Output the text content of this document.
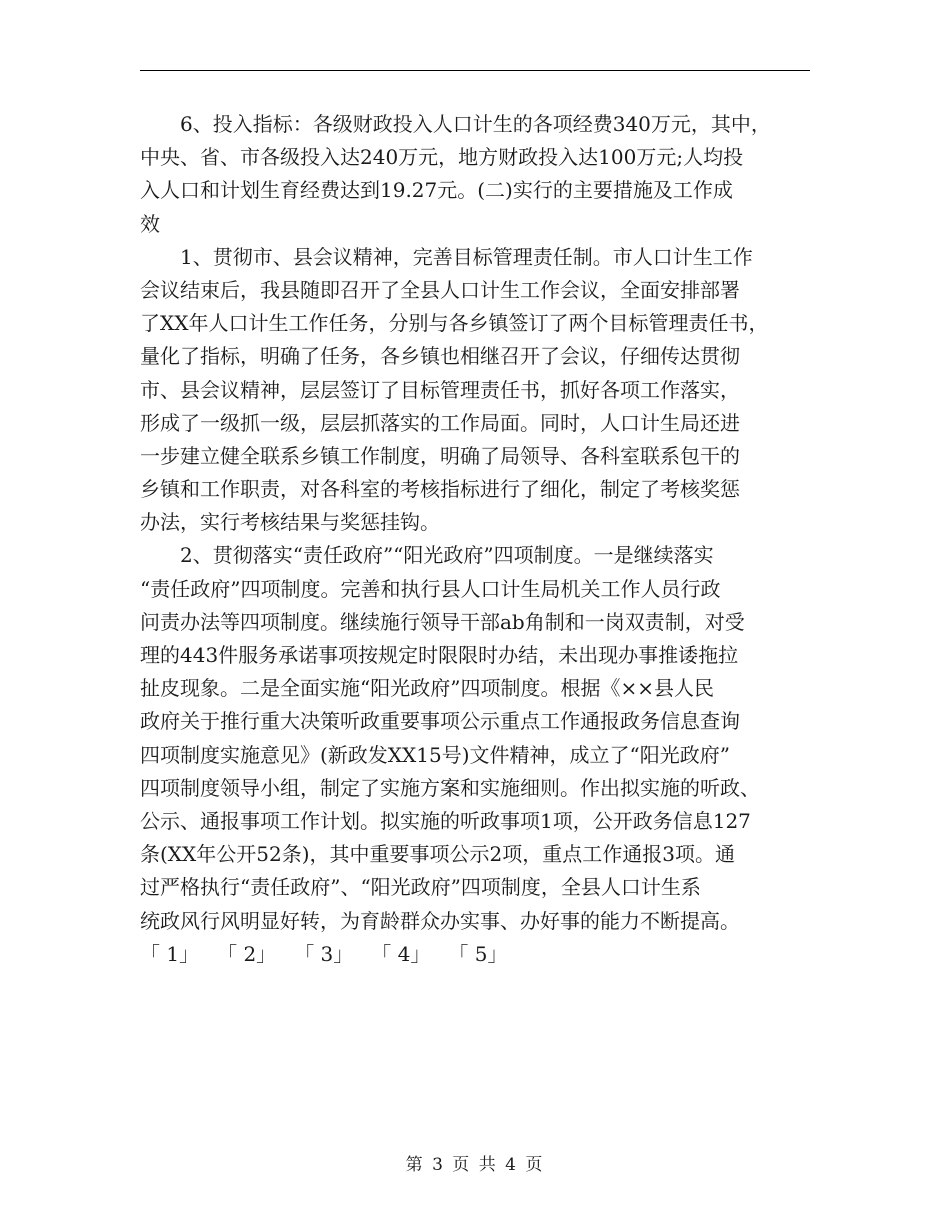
6、投入指标：各级财政投入人口计生的各项经费340万元，其中，
中央、省、市各级投入达240万元，地方财政投入达100万元;人均投
入人口和计划生育经费达到19.27元。(二)实行的主要措施及工作成
效
1、贯彻市、县会议精神，完善目标管理责任制。市人口计生工作
会议结束后，我县随即召开了全县人口计生工作会议，全面安排部署
了XX年人口计生工作任务，分别与各乡镇签订了两个目标管理责任书，
量化了指标，明确了任务，各乡镇也相继召开了会议，仔细传达贯彻
市、县会议精神，层层签订了目标管理责任书，抓好各项工作落实，
形成了一级抓一级，层层抓落实的工作局面。同时，人口计生局还进
一步建立健全联系乡镇工作制度，明确了局领导、各科室联系包干的
乡镇和工作职责，对各科室的考核指标进行了细化，制定了考核奖惩
办法，实行考核结果与奖惩挂钩。
2、贯彻落实“责任政府”“阳光政府”四项制度。一是继续落实
“责任政府”四项制度。完善和执行县人口计生局机关工作人员行政
问责办法等四项制度。继续施行领导干部ab角制和一岗双责制，对受
理的443件服务承诺事项按规定时限限时办结，未出现办事推诿拖拉
扯皮现象。二是全面实施“阳光政府”四项制度。根据《××县人民
政府关于推行重大决策听政重要事项公示重点工作通报政务信息查询
四项制度实施意见》(新政发XX15号)文件精神，成立了“阳光政府”
四项制度领导小组，制定了实施方案和实施细则。作出拟实施的听政、
公示、通报事项工作计划。拟实施的听政事项1项，公开政务信息127
条(XX年公开52条)，其中重要事项公示2项，重点工作通报3项。通
过严格执行“责任政府”、“阳光政府”四项制度，全县人口计生系
统政风行风明显好转，为育龄群众办实事、办好事的能力不断提高。
「 1」 「 2」 「 3」 「 4」 「 5」
第 3 页 共 4 页
